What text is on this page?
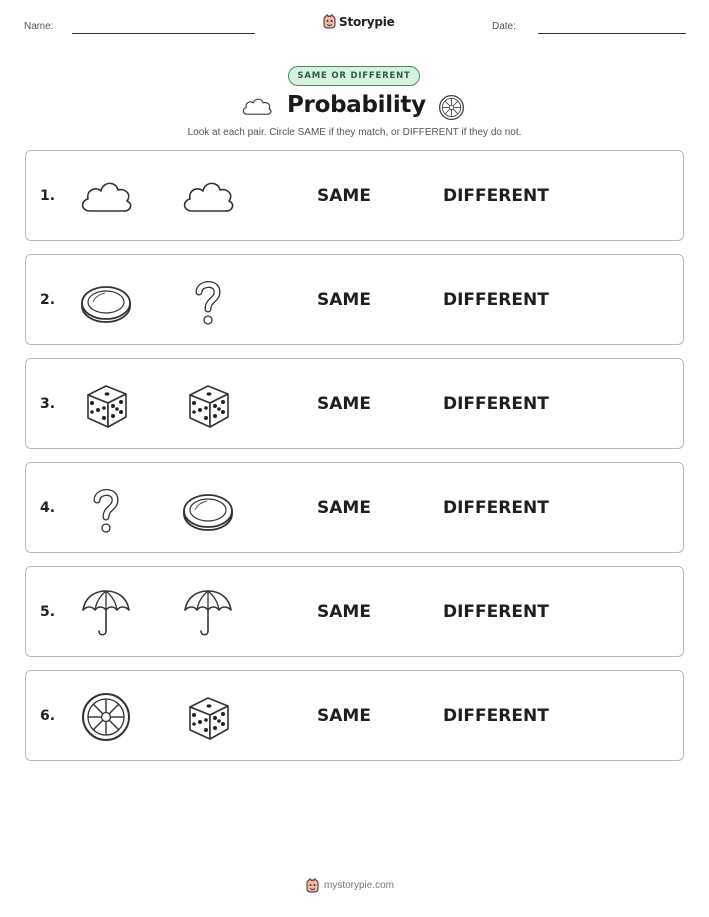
Name:	Storypie	Date:
SAME OR DIFFERENT
Probability
Look at each pair. Circle SAME if they match, or DIFFERENT if they do not.
1.	SAME	DIFFERENT
2.	SAME	DIFFERENT
3.	SAME	DIFFERENT
4.	SAME	DIFFERENT
5.	SAME	DIFFERENT
6.	SAME	DIFFERENT
mystorypie.com
